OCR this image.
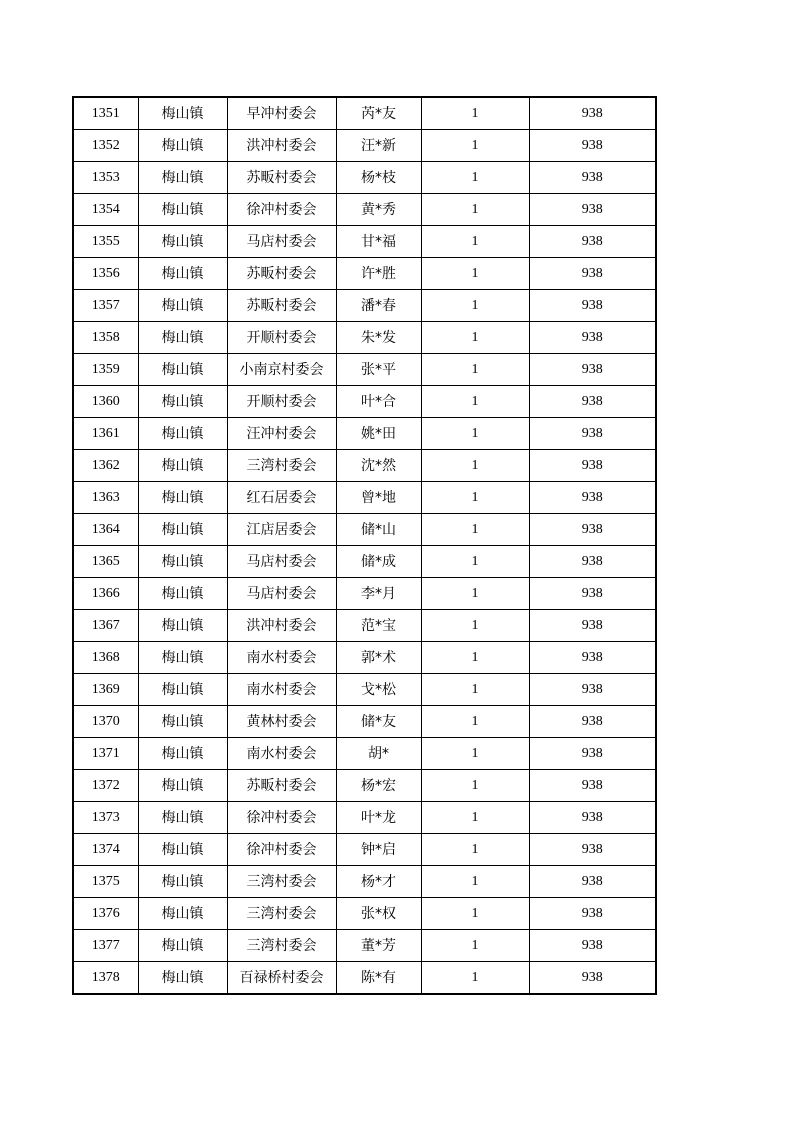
1351	梅山镇	早冲村委会	芮*友	1	938
1352	梅山镇	洪冲村委会	汪*新	1	938
1353	梅山镇	苏畈村委会	杨*枝	1	938
1354	梅山镇	徐冲村委会	黄*秀	1	938
1355	梅山镇	马店村委会	甘*福	1	938
1356	梅山镇	苏畈村委会	许*胜	1	938
1357	梅山镇	苏畈村委会	潘*春	1	938
1358	梅山镇	开顺村委会	朱*发	1	938
1359	梅山镇	小南京村委会	张*平	1	938
1360	梅山镇	开顺村委会	叶*合	1	938
1361	梅山镇	汪冲村委会	姚*田	1	938
1362	梅山镇	三湾村委会	沈*然	1	938
1363	梅山镇	红石居委会	曾*地	1	938
1364	梅山镇	江店居委会	储*山	1	938
1365	梅山镇	马店村委会	储*成	1	938
1366	梅山镇	马店村委会	李*月	1	938
1367	梅山镇	洪冲村委会	范*宝	1	938
1368	梅山镇	南水村委会	郭*术	1	938
1369	梅山镇	南水村委会	戈*松	1	938
1370	梅山镇	黄林村委会	储*友	1	938
1371	梅山镇	南水村委会	胡*	1	938
1372	梅山镇	苏畈村委会	杨*宏	1	938
1373	梅山镇	徐冲村委会	叶*龙	1	938
1374	梅山镇	徐冲村委会	钟*启	1	938
1375	梅山镇	三湾村委会	杨*才	1	938
1376	梅山镇	三湾村委会	张*权	1	938
1377	梅山镇	三湾村委会	董*芳	1	938
1378	梅山镇	百禄桥村委会	陈*有	1	938
